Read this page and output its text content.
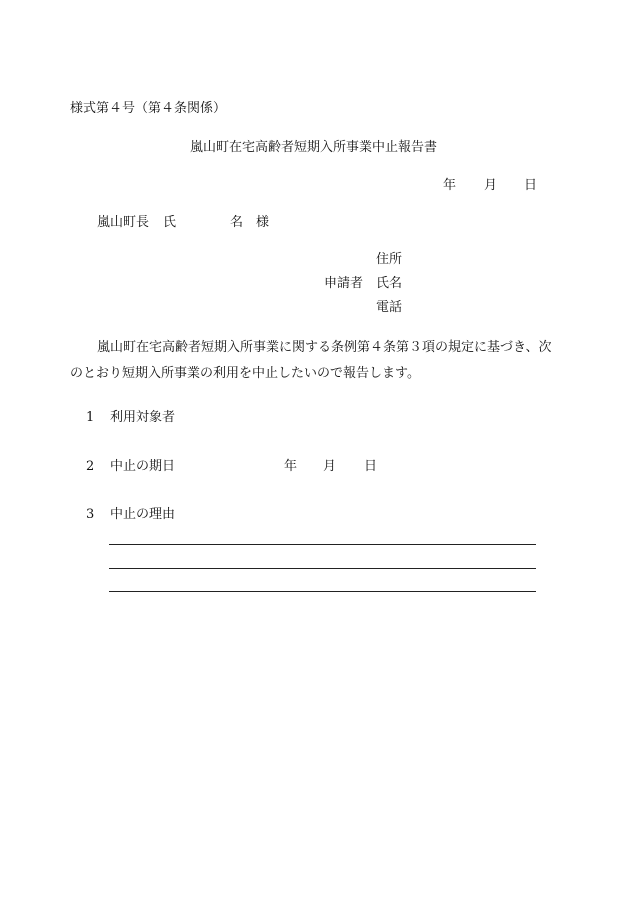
様式第４号（第４条関係）
嵐山町在宅高齢者短期入所事業中止報告書
年 月 日
嵐山町長 氏	名 様
住所
申請者 氏名
電話
嵐山町在宅高齢者短期入所事業に関する条例第４条第３項の規定に基づき、次
のとおり短期入所事業の利用を中止したいので報告します。
1 利用対象者
2 中止の期日	年 月 日
3 中止の理由
